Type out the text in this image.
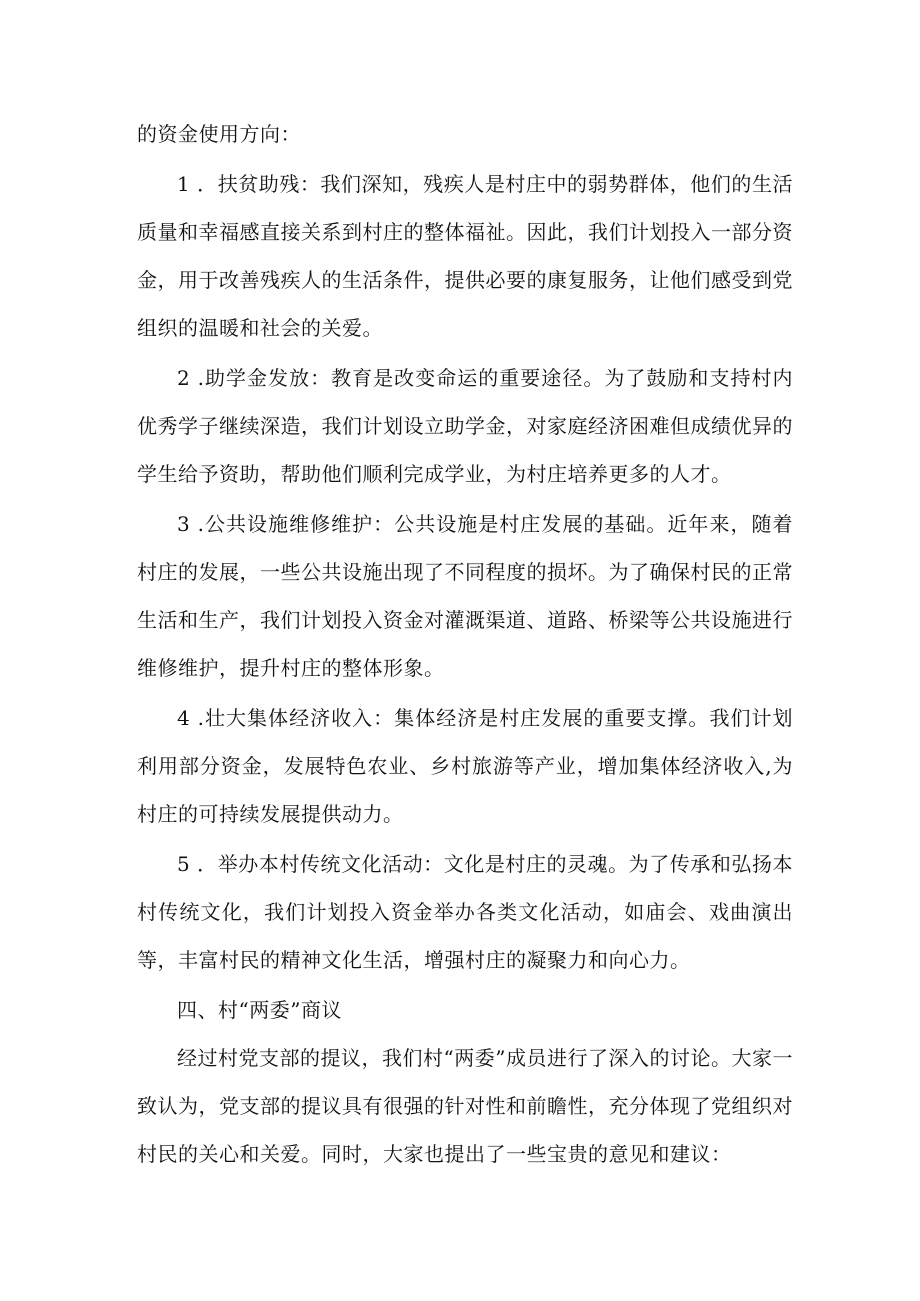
的资金使用方向：

1 ．扶贫助残：我们深知，残疾人是村庄中的弱势群体，他们的生活质量和幸福感直接关系到村庄的整体福祉。因此，我们计划投入一部分资金，用于改善残疾人的生活条件，提供必要的康复服务，让他们感受到党组织的温暖和社会的关爱。

2 .助学金发放：教育是改变命运的重要途径。为了鼓励和支持村内优秀学子继续深造，我们计划设立助学金，对家庭经济困难但成绩优异的学生给予资助，帮助他们顺利完成学业，为村庄培养更多的人才。

3 .公共设施维修维护：公共设施是村庄发展的基础。近年来，随着村庄的发展，一些公共设施出现了不同程度的损坏。为了确保村民的正常生活和生产，我们计划投入资金对灌溉渠道、道路、桥梁等公共设施进行维修维护，提升村庄的整体形象。

4 .壮大集体经济收入：集体经济是村庄发展的重要支撑。我们计划利用部分资金，发展特色农业、乡村旅游等产业，增加集体经济收入,为村庄的可持续发展提供动力。

5 ．举办本村传统文化活动：文化是村庄的灵魂。为了传承和弘扬本村传统文化，我们计划投入资金举办各类文化活动，如庙会、戏曲演出等，丰富村民的精神文化生活，增强村庄的凝聚力和向心力。

四、村“两委”商议

经过村党支部的提议，我们村“两委”成员进行了深入的讨论。大家一致认为，党支部的提议具有很强的针对性和前瞻性，充分体现了党组织对村民的关心和关爱。同时，大家也提出了一些宝贵的意见和建议：
